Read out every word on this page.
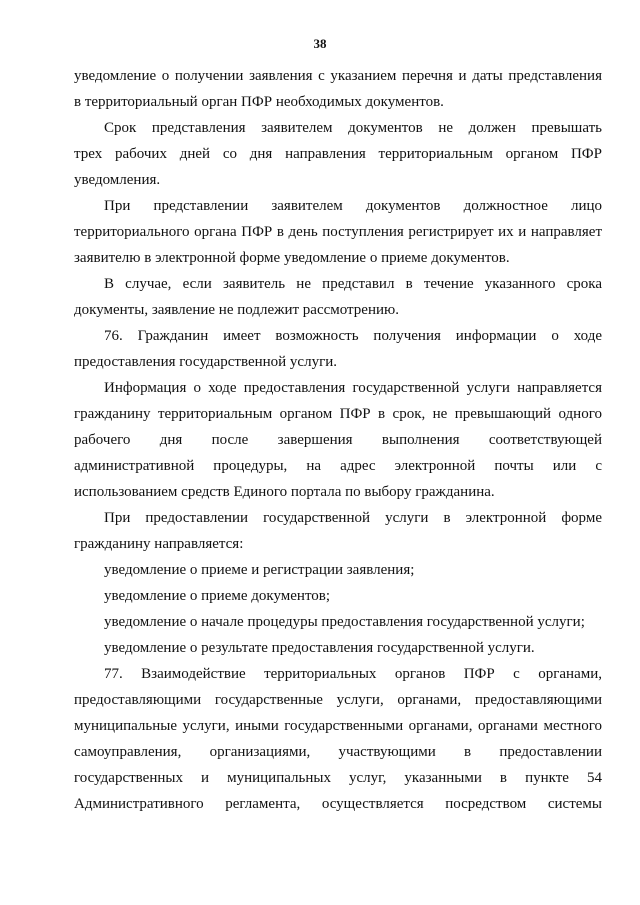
38
уведомление о получении заявления с указанием перечня и даты представления
в территориальный орган ПФР необходимых документов.
Срок представления заявителем документов не должен превышать
трех рабочих дней со дня направления территориальным органом ПФР
уведомления.
При представлении заявителем документов должностное лицо
территориального органа ПФР в день поступления регистрирует их и направляет
заявителю в электронной форме уведомление о приеме документов.
В случае, если заявитель не представил в течение указанного срока
документы, заявление не подлежит рассмотрению.
76. Гражданин имеет возможность получения информации о ходе
предоставления государственной услуги.
Информация о ходе предоставления государственной услуги направляется
гражданину территориальным органом ПФР в срок, не превышающий одного
рабочего дня после завершения выполнения соответствующей
административной процедуры, на адрес электронной почты или с
использованием средств Единого портала по выбору гражданина.
При предоставлении государственной услуги в электронной форме
гражданину направляется:
уведомление о приеме и регистрации заявления;
уведомление о приеме документов;
уведомление о начале процедуры предоставления государственной услуги;
уведомление о результате предоставления государственной услуги.
77. Взаимодействие территориальных органов ПФР с органами,
предоставляющими государственные услуги, органами, предоставляющими
муниципальные услуги, иными государственными органами, органами местного
самоуправления, организациями, участвующими в предоставлении
государственных и муниципальных услуг, указанными в пункте 54
Административного регламента, осуществляется посредством системы
